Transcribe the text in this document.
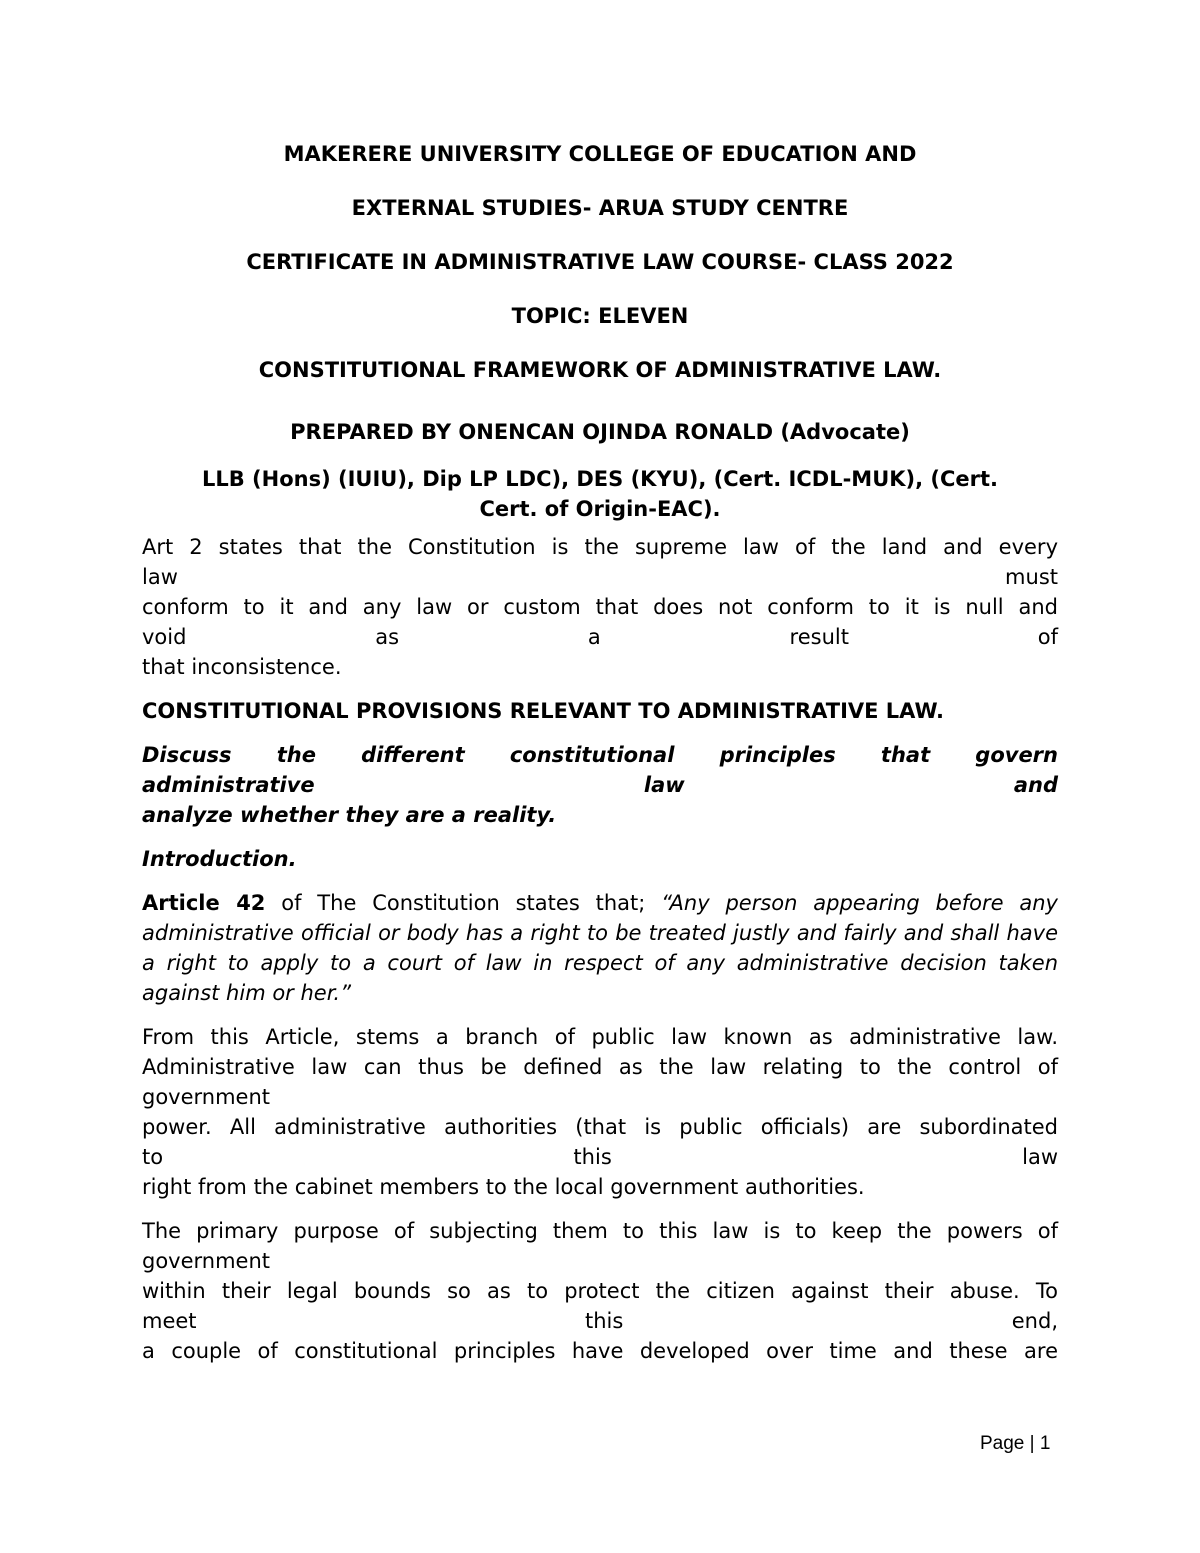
MAKERERE UNIVERSITY COLLEGE OF EDUCATION AND

EXTERNAL STUDIES- ARUA STUDY CENTRE

CERTIFICATE IN ADMINISTRATIVE LAW COURSE- CLASS 2022

TOPIC: ELEVEN

CONSTITUTIONAL FRAMEWORK OF ADMINISTRATIVE LAW.

PREPARED BY ONENCAN OJINDA RONALD (Advocate)

LLB (Hons) (IUIU), Dip LP LDC), DES (KYU), (Cert. ICDL-MUK), (Cert.
Cert. of Origin-EAC).

Art 2 states that the Constitution is the supreme law of the land and every
law must
conform to it and any law or custom that does not conform to it is null and
void as a result of
that inconsistence.

CONSTITUTIONAL PROVISIONS RELEVANT TO ADMINISTRATIVE LAW.

Discuss the different constitutional principles that govern
administrative law and
analyze whether they are a reality.

Introduction.

Article 42 of The Constitution states that; “Any person appearing before any administrative official or body has a right to be treated justly and fairly and shall have a right to apply to a court of law in respect of any administrative decision taken against him or her.”

From this Article, stems a branch of public law known as administrative law.
Administrative law can thus be defined as the law relating to the control of
government
power. All administrative authorities (that is public officials) are subordinated
to this law
right from the cabinet members to the local government authorities.
The primary purpose of subjecting them to this law is to keep the powers of
government
within their legal bounds so as to protect the citizen against their abuse. To
meet this end,
a couple of constitutional principles have developed over time and these are
Page | 1
